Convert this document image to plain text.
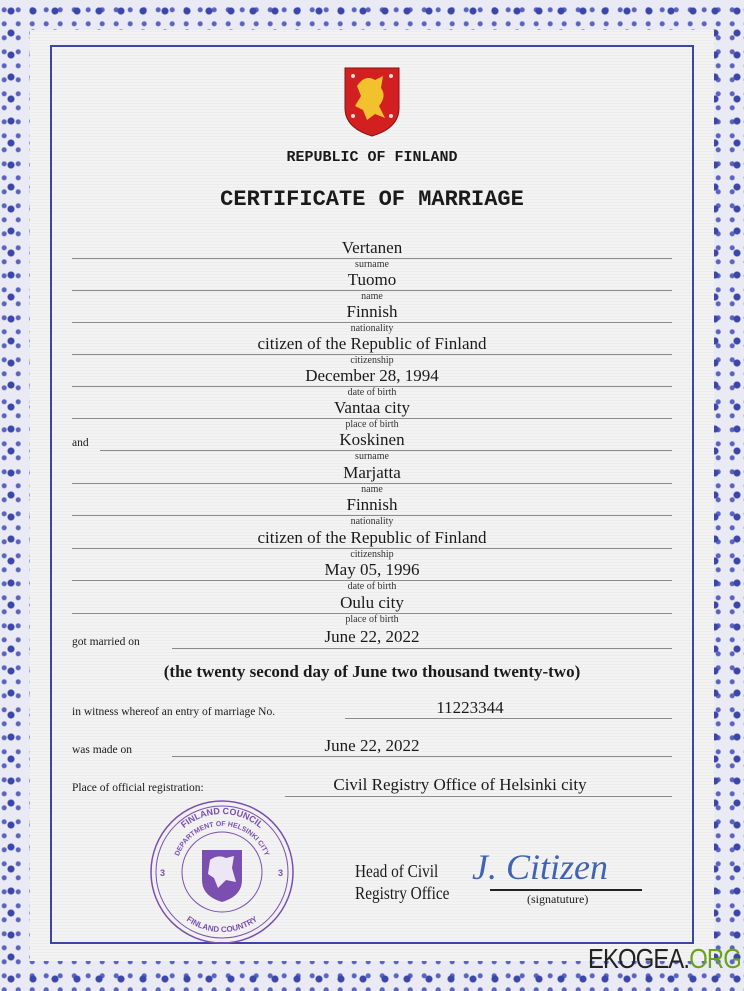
REPUBLIC OF FINLAND
CERTIFICATE OF MARRIAGE
Vertanen
surname
Tuomo
name
Finnish
nationality
citizen of the Republic of Finland
citizenship
December 28, 1994
date of birth
Vantaa city
place of birth
Koskinen
surname
Marjatta
name
Finnish
nationality
citizen of the Republic of Finland
citizenship
May 05, 1996
date of birth
Oulu city
place of birth
and
got married on	June 22, 2022
(the twenty second day of June two thousand twenty-two)
in witness whereof an entry of marriage No.	11223344
was made on	June 22, 2022
Place of official registration:	Civil Registry Office of Helsinki city
FINLAND COUNCIL
DEPARTMENT OF HELSINKI CITY
FINLAND COUNTRY
3	3	Head of Civil
Registry Office
J. Citizen
(signatuture)
EKOGEA.ORG
